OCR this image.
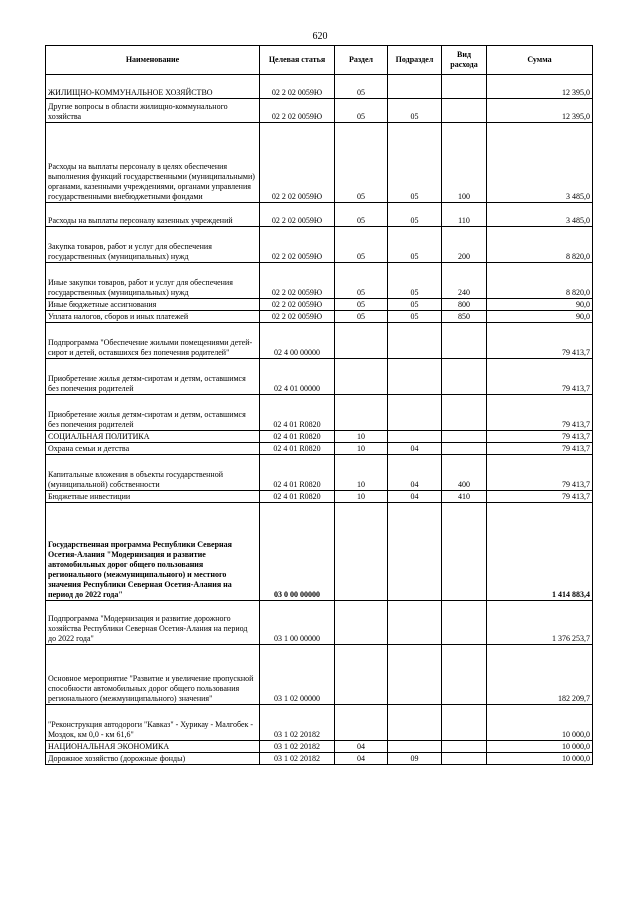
620
Наименование	Целевая статья	Раздел	Подраздел	Вид расхода	Сумма
ЖИЛИЩНО-КОММУНАЛЬНОЕ ХОЗЯЙСТВО	02 2 02 0059Ю	05			12 395,0
Другие вопросы в области жилищно-коммунального хозяйства	02 2 02 0059Ю	05	05		12 395,0
Расходы на выплаты персоналу в целях обеспечения выполнения функций государственными (муниципальными) органами, казенными учреждениями, органами управления государственными внебюджетными фондами	02 2 02 0059Ю	05	05	100	3 485,0
Расходы на выплаты персоналу казенных учреждений	02 2 02 0059Ю	05	05	110	3 485,0
Закупка товаров, работ и услуг для обеспечения государственных (муниципальных) нужд	02 2 02 0059Ю	05	05	200	8 820,0
Иные закупки товаров, работ и услуг для обеспечения государственных (муниципальных) нужд	02 2 02 0059Ю	05	05	240	8 820,0
Иные бюджетные ассигнования	02 2 02 0059Ю	05	05	800	90,0
Уплата налогов, сборов и иных платежей	02 2 02 0059Ю	05	05	850	90,0
Подпрограмма "Обеспечение жилыми помещениями детей-сирот и детей, оставшихся без попечения родителей"	02 4 00 00000				79 413,7
Приобретение жилья детям-сиротам и детям, оставшимся без попечения родителей	02 4 01 00000				79 413,7
Приобретение жилья детям-сиротам и детям, оставшимся без попечения родителей	02 4 01 R0820				79 413,7
СОЦИАЛЬНАЯ ПОЛИТИКА	02 4 01 R0820	10			79 413,7
Охрана семьи и детства	02 4 01 R0820	10	04		79 413,7
Капитальные вложения в объекты государственной (муниципальной) собственности	02 4 01 R0820	10	04	400	79 413,7
Бюджетные инвестиции	02 4 01 R0820	10	04	410	79 413,7
Государственная программа Республики Северная Осетия-Алания "Модернизация и развитие автомобильных дорог общего пользования регионального (межмуниципального) и местного значения Республики Северная Осетия-Алания на период до 2022 года"	03 0 00 00000				1 414 883,4
Подпрограмма "Модернизация и развитие дорожного хозяйства Республики Северная Осетия-Алания на период до 2022 года"	03 1 00 00000				1 376 253,7
Основное мероприятие "Развитие и увеличение пропускной способности автомобильных дорог общего пользования регионального (межмуниципального) значения"	03 1 02 00000				182 209,7
"Реконструкция автодороги "Кавказ" - Хурикау - Малгобек - Моздок, км 0,0 - км 61,6"	03 1 02 20182				10 000,0
НАЦИОНАЛЬНАЯ ЭКОНОМИКА	03 1 02 20182	04			10 000,0
Дорожное хозяйство (дорожные фонды)	03 1 02 20182	04	09		10 000,0
